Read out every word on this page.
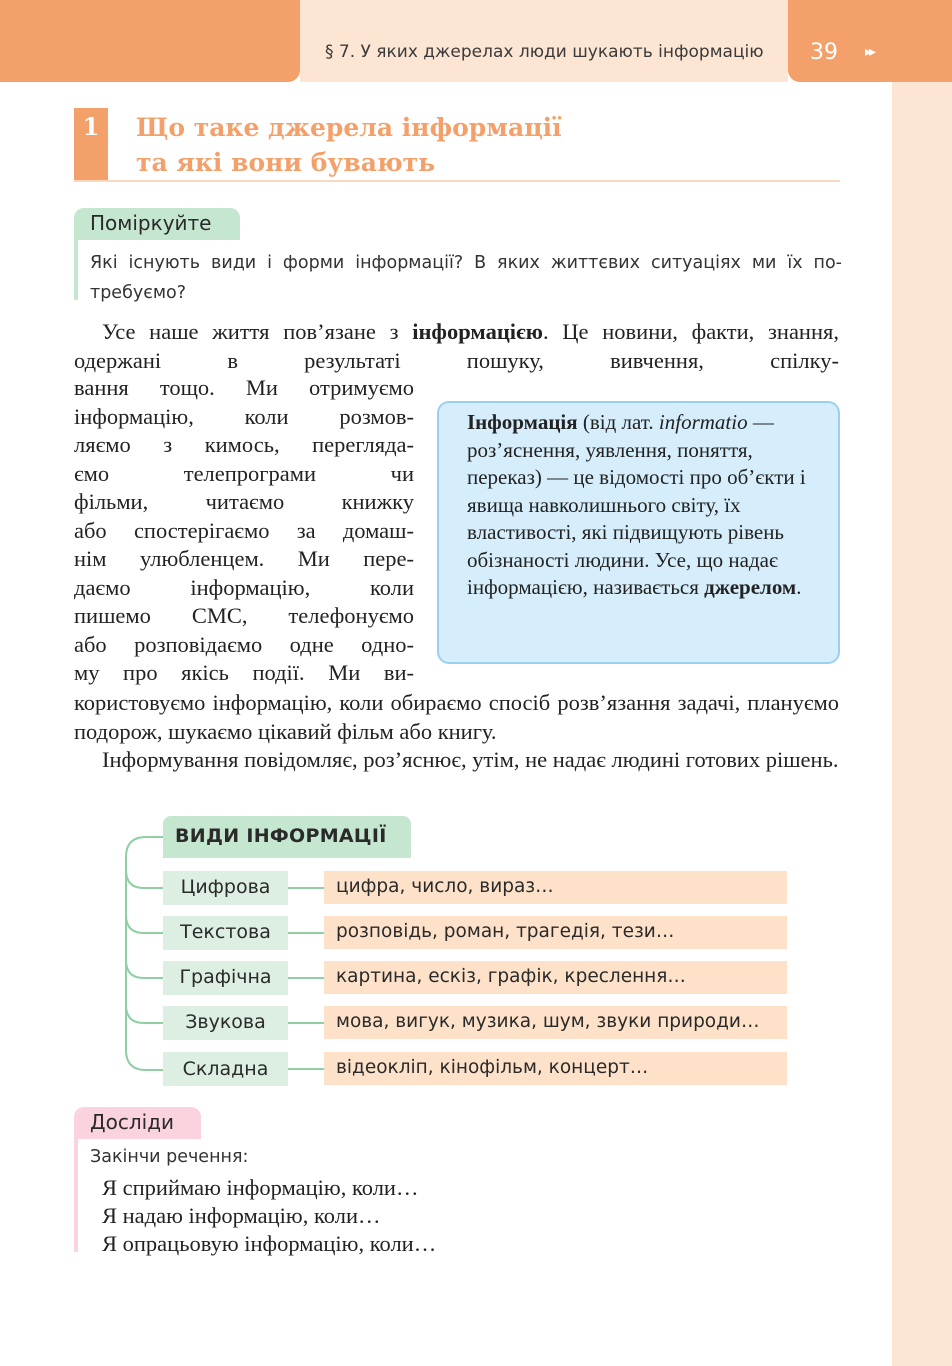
§ 7. У яких джерелах люди шукають інформацію 39 ▸▸
1	Що таке джерела інформації
та які вони бувають
Поміркуйте
Які існують види і форми інформації? В яких життєвих ситуаціях ми їх потребуємо?
Усе наше життя пов’язане з інформацією. Це новини, факти, знання, одержані в результаті пошуку, вивчення, спілку-
вання тощо. Ми отримуємо
інформацію, коли розмов-
ляємо з кимось, переглядa-
ємо телепрограми чи
фільми, читаємо книжку
або спостерігаємо за домаш-
нім улюбленцем. Ми пере-
даємо інформацію, коли
пишемо СМС, телефонуємо
або розповідаємо одне одно-
му про якісь події. Ми ви-
Інформація (від лат. informatio — роз’яснення, уявлення, поняття, переказ) — це відомості про об’єкти і явища навколишнього світу, їх властивості, які підвищують рівень обізнаності людини. Усе, що надає інформацією, називається джерелом.
користовуємо інформацію, коли обираємо спосіб розв’язання задачі, плануємо подорож, шукаємо цікавий фільм або книгу.
Інформування повідомляє, роз’яснює, утім, не надає людині готових рішень.
ВИДИ ІНФОРМАЦІЇ
Цифрова	цифра, число, вираз…
Текстова	розповідь, роман, трагедія, тези…
Графічна	картина, ескіз, графік, креслення…
Звукова	мова, вигук, музика, шум, звуки природи…
Складна	відеокліп, кінофільм, концерт…
Досліди
Закінчи речення:
Я сприймаю інформацію, коли…
Я надаю інформацію, коли…
Я опрацьовую інформацію, коли…
